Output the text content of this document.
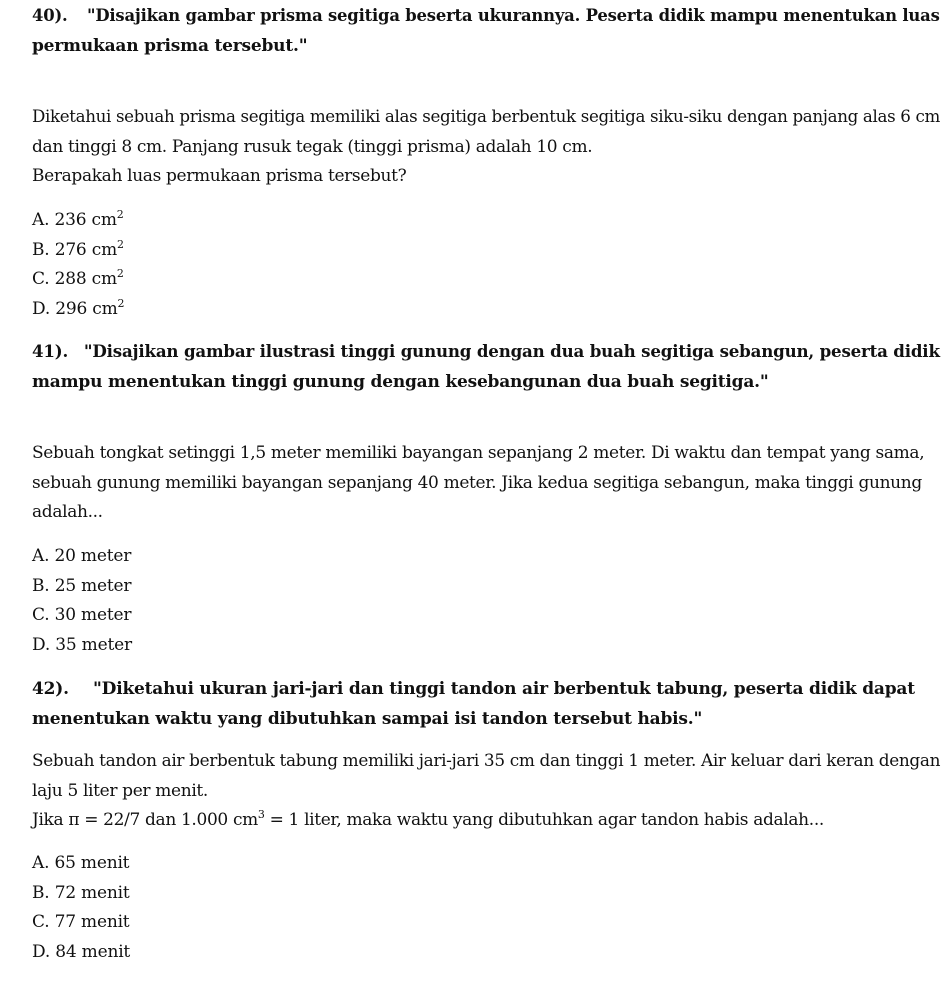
40). "Disajikan gambar prisma segitiga beserta ukurannya. Peserta didik mampu menentukan luas
permukaan prisma tersebut."
Diketahui sebuah prisma segitiga memiliki alas segitiga berbentuk segitiga siku-siku dengan panjang alas 6 cm
dan tinggi 8 cm. Panjang rusuk tegak (tinggi prisma) adalah 10 cm.
Berapakah luas permukaan prisma tersebut?
A. 236 $cm^2$
B. 276 $cm^2$
C. 288 $cm^2$
D. 296 $cm^2$
41). "Disajikan gambar ilustrasi tinggi gunung dengan dua buah segitiga sebangun, peserta didik
mampu menentukan tinggi gunung dengan kesebangunan dua buah segitiga."
Sebuah tongkat setinggi 1,5 meter memiliki bayangan sepanjang 2 meter. Di waktu dan tempat yang sama,
sebuah gunung memiliki bayangan sepanjang 40 meter. Jika kedua segitiga sebangun, maka tinggi gunung
adalah...
A. 20 meter
B. 25 meter
C. 30 meter
D. 35 meter
42). "Diketahui ukuran jari-jari dan tinggi tandon air berbentuk tabung, peserta didik dapat
menentukan waktu yang dibutuhkan sampai isi tandon tersebut habis."
Sebuah tandon air berbentuk tabung memiliki jari-jari 35 cm dan tinggi 1 meter. Air keluar dari keran dengan
laju 5 liter per menit.
Jika π = 22/7 dan 1.000 $cm^3 = 1$ liter, maka waktu yang dibutuhkan agar tandon habis adalah...
A. 65 menit
B. 72 menit
C. 77 menit
D. 84 menit
